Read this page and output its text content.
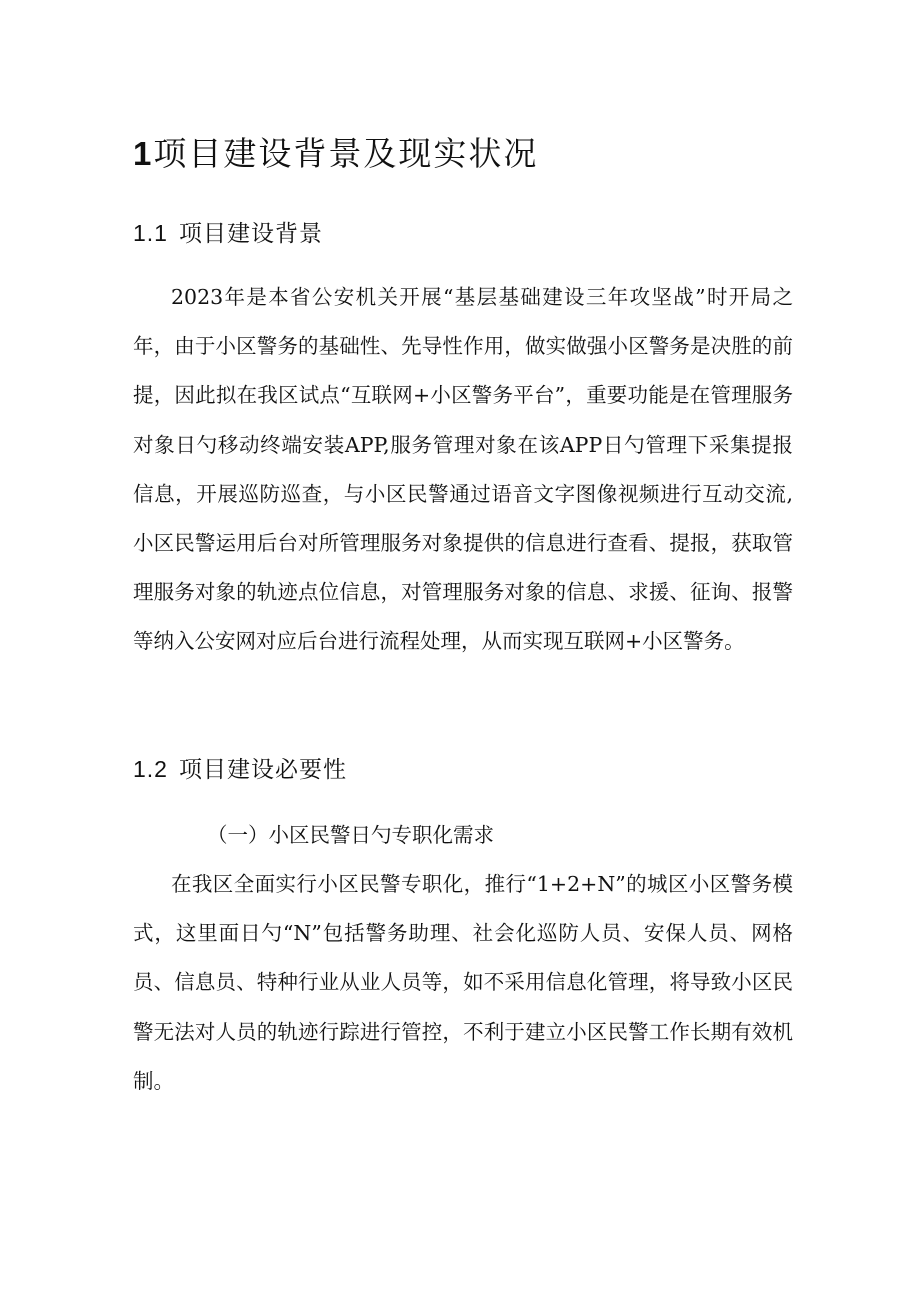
1项目建设背景及现实状况
1.1 项目建设背景

2023年是本省公安机关开展“基层基础建设三年攻坚战”时开局之年，由于小区警务的基础性、先导性作用，做实做强小区警务是决胜的前提，因此拟在我区试点“互联网+小区警务平台”，重要功能是在管理服务对象日勺移动终端安装APP,服务管理对象在该APP日勺管理下采集提报信息，开展巡防巡查，与小区民警通过语音文字图像视频进行互动交流,小区民警运用后台对所管理服务对象提供的信息进行查看、提报，获取管理服务对象的轨迹点位信息，对管理服务对象的信息、求援、征询、报警等纳入公安网对应后台进行流程处理，从而实现互联网+小区警务。

1.2 项目建设必要性
（一）小区民警日勺专职化需求

在我区全面实行小区民警专职化，推行“1+2+N”的城区小区警务模式，这里面日勺“N”包括警务助理、社会化巡防人员、安保人员、网格员、信息员、特种行业从业人员等，如不采用信息化管理，将导致小区民警无法对人员的轨迹行踪进行管控，不利于建立小区民警工作长期有效机制。
